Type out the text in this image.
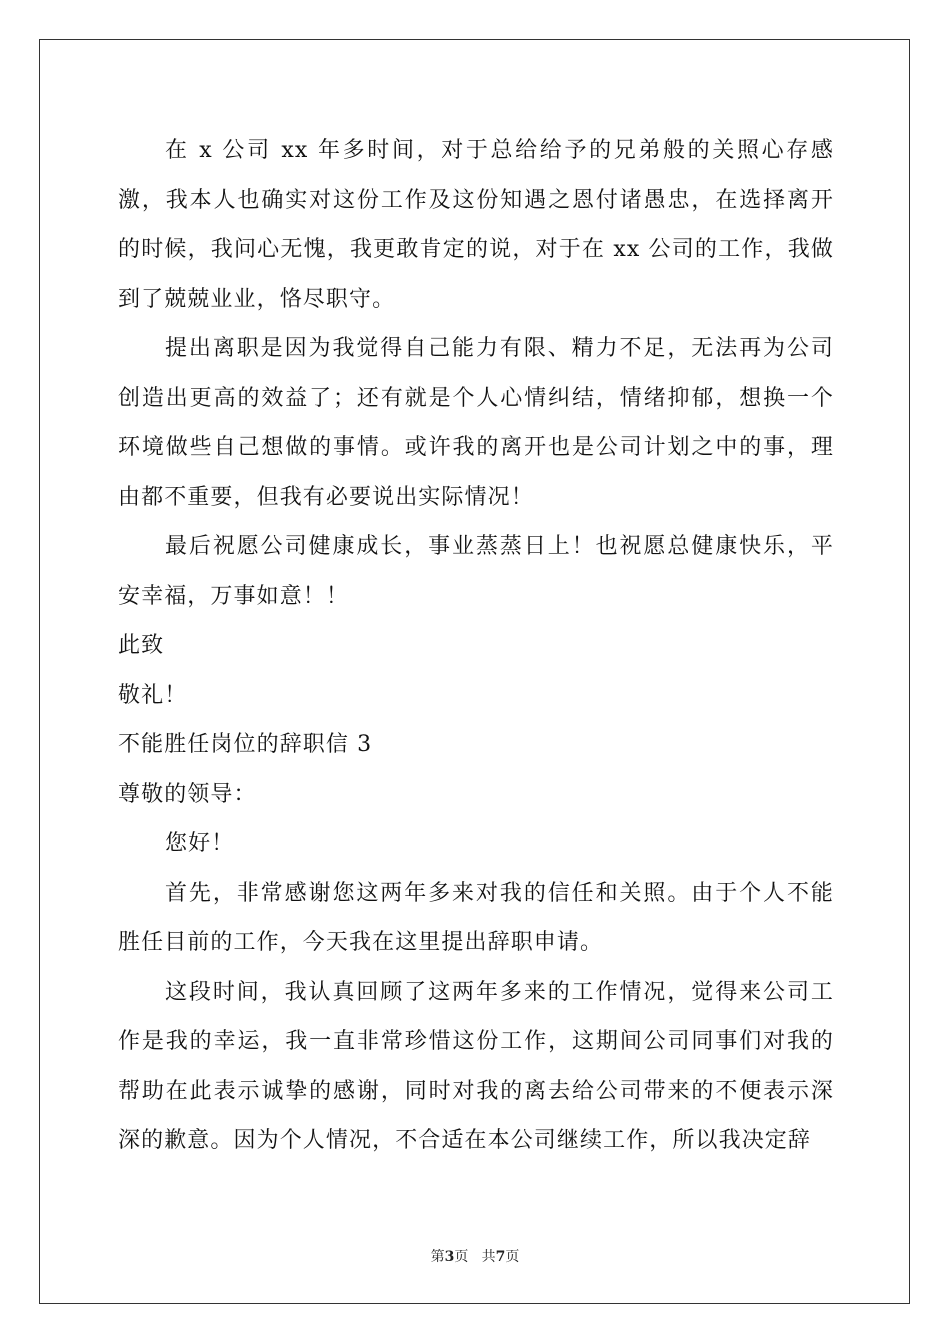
在 x 公司 xx 年多时间，对于总给给予的兄弟般的关照心存感激，我本人也确实对这份工作及这份知遇之恩付诸愚忠，在选择离开的时候，我问心无愧，我更敢肯定的说，对于在 xx 公司的工作，我做到了兢兢业业，恪尽职守。

提出离职是因为我觉得自己能力有限、精力不足，无法再为公司创造出更高的效益了；还有就是个人心情纠结，情绪抑郁，想换一个环境做些自己想做的事情。或许我的离开也是公司计划之中的事，理由都不重要，但我有必要说出实际情况！

最后祝愿公司健康成长，事业蒸蒸日上！也祝愿总健康快乐，平安幸福，万事如意！！

此致

敬礼！

不能胜任岗位的辞职信 3

尊敬的领导：

您好！

首先，非常感谢您这两年多来对我的信任和关照。由于个人不能胜任目前的工作，今天我在这里提出辞职申请。

这段时间，我认真回顾了这两年多来的工作情况，觉得来公司工作是我的幸运，我一直非常珍惜这份工作，这期间公司同事们对我的帮助在此表示诚挚的感谢，同时对我的离去给公司带来的不便表示深深的歉意。因为个人情况，不合适在本公司继续工作，所以我决定辞

第3页 共7页
